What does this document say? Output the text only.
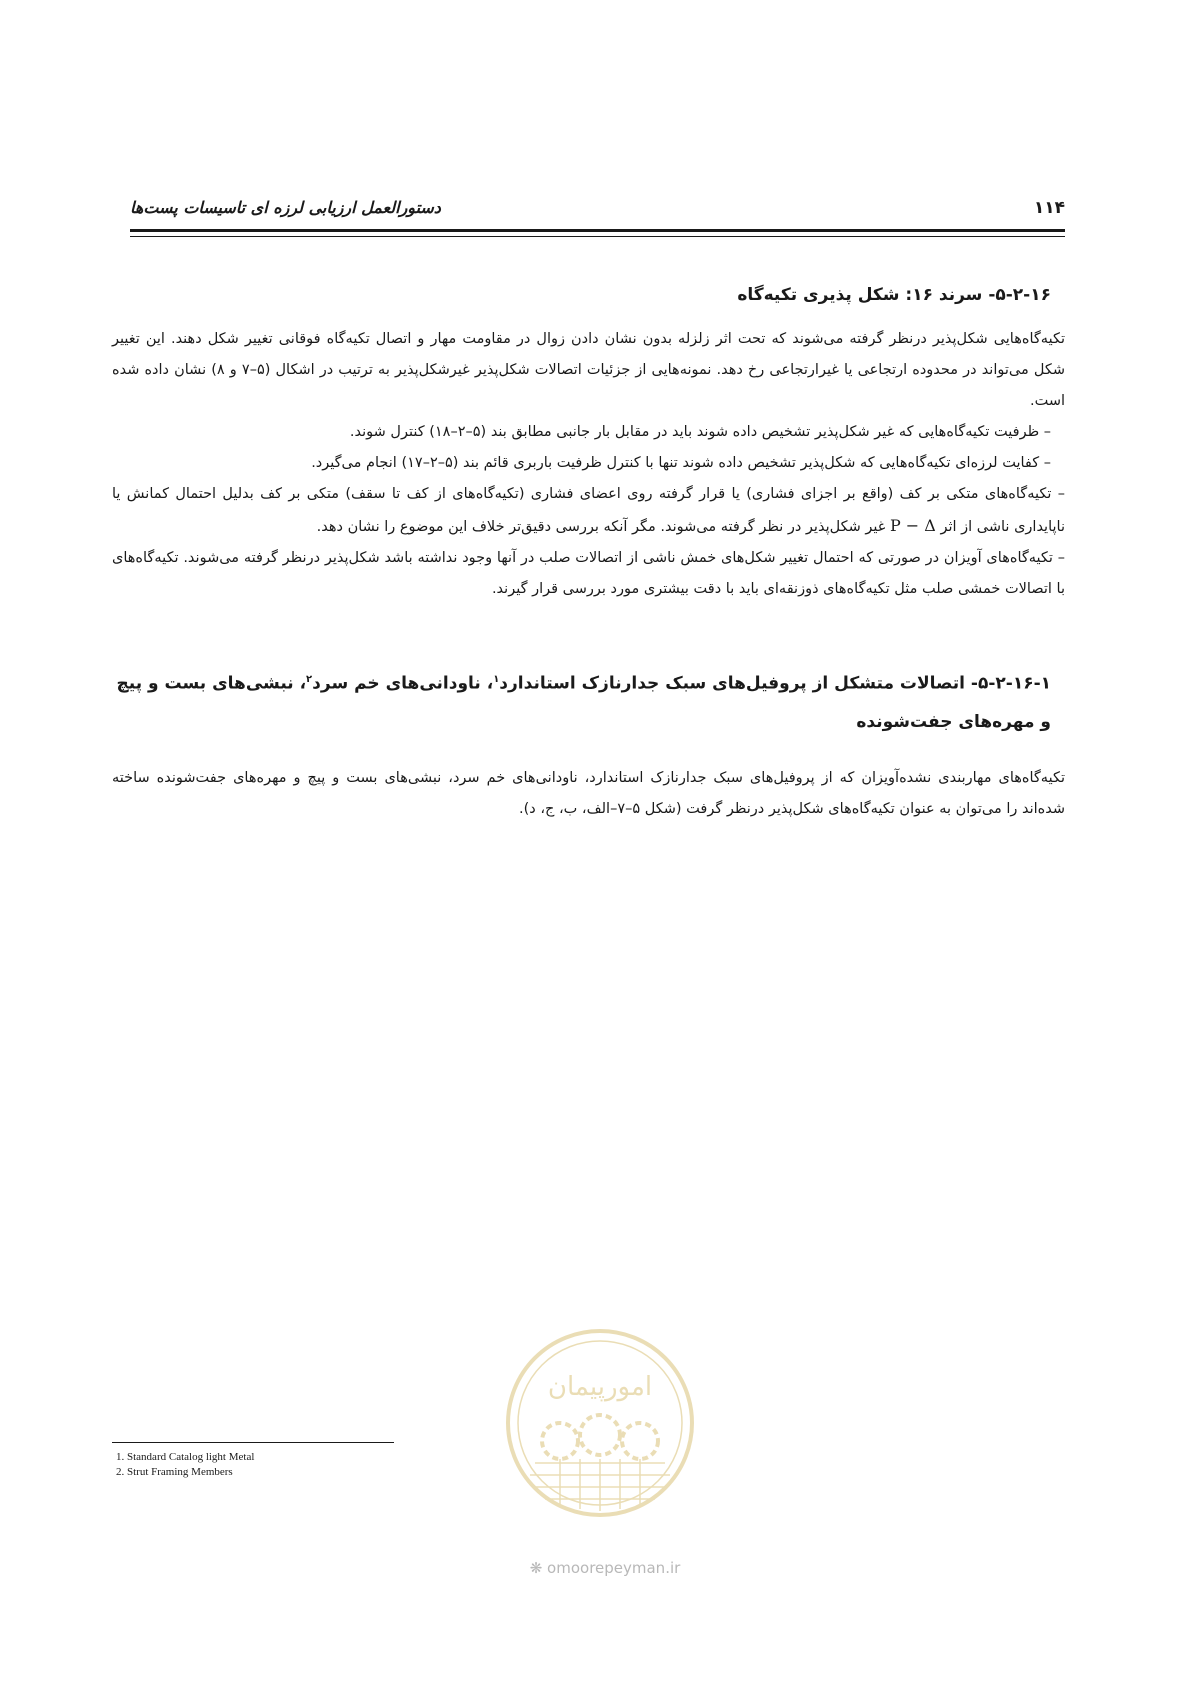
دستورالعمل ارزیابی لرزه ای تاسیسات پست‌ها	۱۱۴
۵-۲-۱۶- سرند ۱۶: شکل پذیری تکیه‌گاه

تکیه‌گاه‌هایی شکل‌پذیر درنظر گرفته می‌شوند که تحت اثر زلزله بدون نشان دادن زوال در مقاومت مهار و اتصال تکیه‌گاه فوقانی تغییر شکل دهند. این تغییر شکل می‌تواند در محدوده ارتجاعی یا غیرارتجاعی رخ دهد. نمونه‌هایی از جزئیات اتصالات شکل‌پذیر غیرشکل‌پذیر به ترتیب در اشکال (۵–۷ و ۸) نشان داده شده است.

– ظرفیت تکیه‌گاه‌هایی که غیر شکل‌پذیر تشخیص داده شوند باید در مقابل بار جانبی مطابق بند (۵–۲–۱۸) کنترل شوند.

– کفایت لرزه‌ای تکیه‌گاه‌هایی که شکل‌پذیر تشخیص داده شوند تنها با کنترل ظرفیت باربری قائم بند (۵–۲–۱۷) انجام می‌گیرد.

– تکیه‌گاه‌های متکی بر کف (واقع بر اجزای فشاری) یا قرار گرفته روی اعضای فشاری (تکیه‌گاه‌های از کف تا سقف) متکی بر کف بدلیل احتمال کمانش یا ناپایداری ناشی از اثر P − Δ غیر شکل‌پذیر در نظر گرفته می‌شوند. مگر آنکه بررسی دقیق‌تر خلاف این موضوع را نشان دهد.

– تکیه‌گاه‌های آویزان در صورتی که احتمال تغییر شکل‌های خمش ناشی از اتصالات صلب در آنها وجود نداشته باشد شکل‌پذیر درنظر گرفته می‌شوند. تکیه‌گاه‌های با اتصالات خمشی صلب مثل تکیه‌گاه‌های ذوزنقه‌ای باید با دقت بیشتری مورد بررسی قرار گیرند.

۵-۲-۱۶-۱- اتصالات متشکل از پروفیل‌های سبک جدارنازک استاندارد$^۱$، ناودانی‌های خم سرد$^۲$، نبشی‌های بست و پیچ و مهره‌های جفت‌شونده

تکیه‌گاه‌های مهاربندی نشده‌آویزان که از پروفیل‌های سبک جدارنازک استاندارد، ناودانی‌های خم سرد، نبشی‌های بست و پیچ و مهره‌های جفت‌شونده ساخته شده‌اند را می‌توان به عنوان تکیه‌گاه‌های شکل‌پذیر درنظر گرفت (شکل ۵–۷–الف، ب، ج، د).

1. Standard Catalog light Metal
2. Strut Framing Members
امورپیمان
❋ omoorepeyman.ir
